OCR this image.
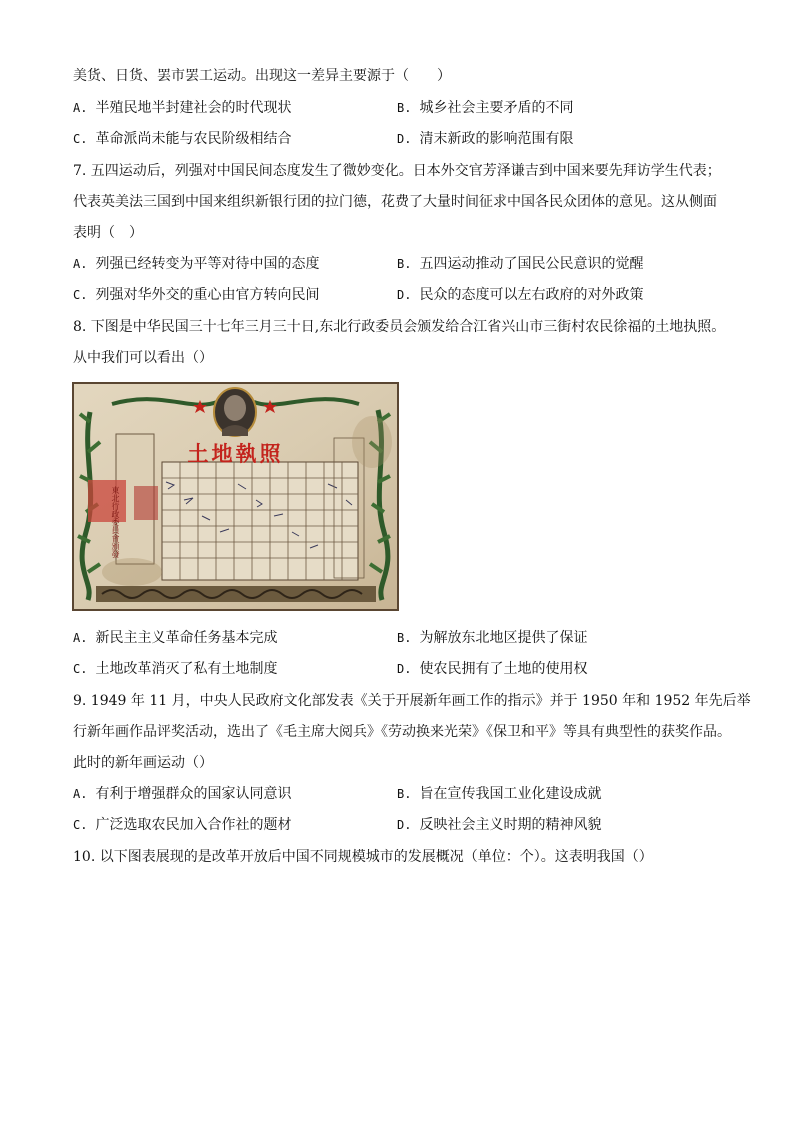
美货、日货、罢市罢工运动。出现这一差异主要源于（　　）
A. 半殖民地半封建社会的时代现状	B. 城乡社会主要矛盾的不同
C. 革命派尚未能与农民阶级相结合	D. 清末新政的影响范围有限
7. 五四运动后，列强对中国民间态度发生了微妙变化。日本外交官芳泽谦吉到中国来要先拜访学生代表；
代表英美法三国到中国来组织新银行团的拉门德，花费了大量时间征求中国各民众团体的意见。这从侧面
表明（　）
A. 列强已经转变为平等对待中国的态度	B. 五四运动推动了国民公民意识的觉醒
C. 列强对华外交的重心由官方转向民间	D. 民众的态度可以左右政府的对外政策
8. 下图是中华民国三十七年三月三十日,东北行政委员会颁发给合江省兴山市三街村农民徐福的土地执照。
从中我们可以看出（）
土地執照
東北行政委員會頒發
A. 新民主主义革命任务基本完成	B. 为解放东北地区提供了保证
C. 土地改革消灭了私有土地制度	D. 使农民拥有了土地的使用权
9. 1949 年 11 月，中央人民政府文化部发表《关于开展新年画工作的指示》并于 1950 年和 1952 年先后举
行新年画作品评奖活动，选出了《毛主席大阅兵》《劳动换来光荣》《保卫和平》等具有典型性的获奖作品。
此时的新年画运动（）
A. 有利于增强群众的国家认同意识	B. 旨在宣传我国工业化建设成就
C. 广泛选取农民加入合作社的题材	D. 反映社会主义时期的精神风貌
10. 以下图表展现的是改革开放后中国不同规模城市的发展概况（单位：个）。这表明我国（）
